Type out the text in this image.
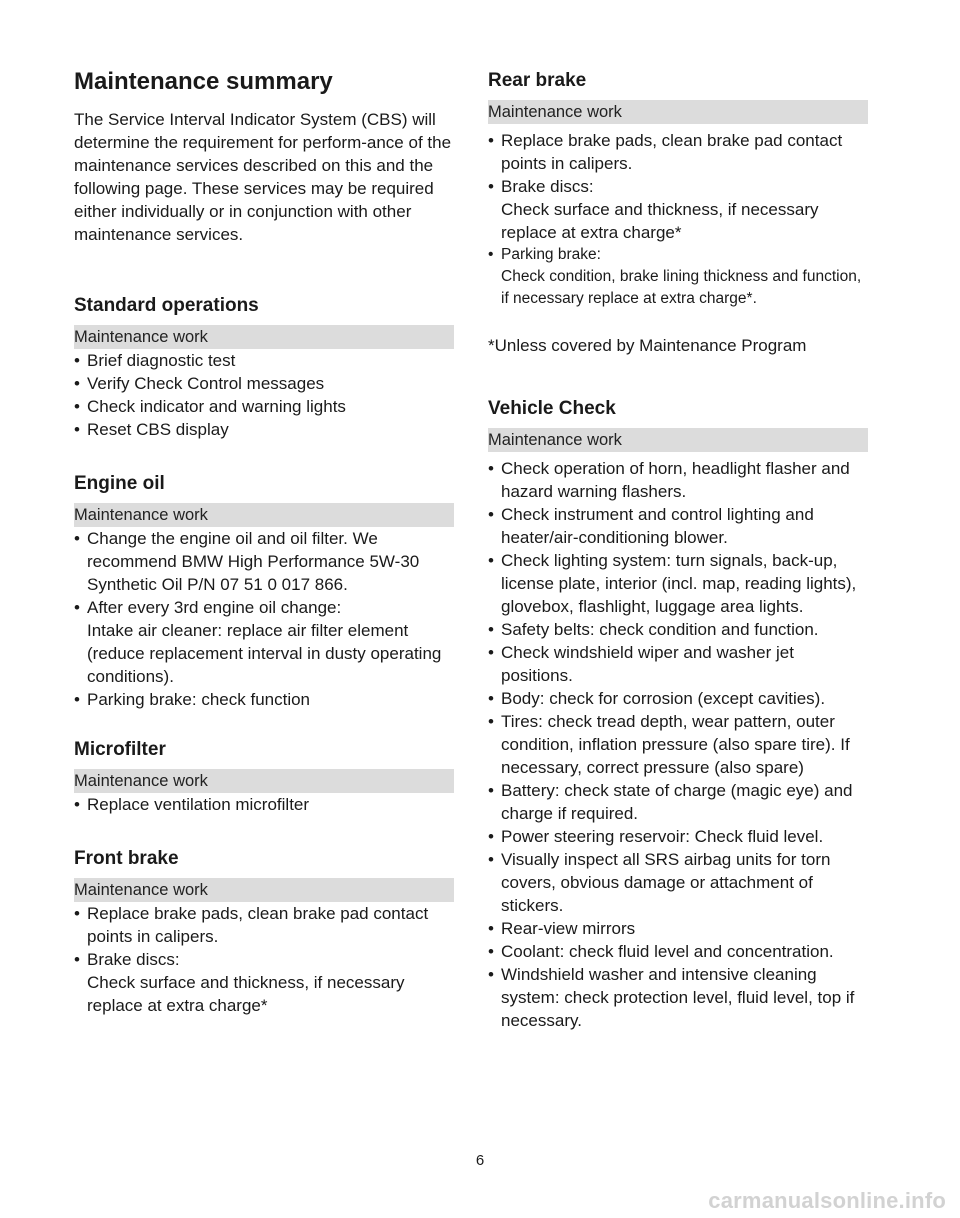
Maintenance summary

The Service Interval Indicator System (CBS) will determine the requirement for perform-ance of the maintenance services described on this and the following page. These services may be required either individually or in conjunction with other maintenance services.

Standard operations
Maintenance work
• Brief diagnostic test
• Verify Check Control messages
• Check indicator and warning lights
• Reset CBS display
Engine oil
Maintenance work
• Change the engine oil and oil filter. We recommend BMW High Performance 5W-30 Synthetic Oil P/N 07 51 0 017 866.
• After every 3rd engine oil change:
Intake air cleaner: replace air filter element (reduce replacement interval in dusty operating conditions).
• Parking brake: check function
Microfilter
Maintenance work
• Replace ventilation microfilter
Front brake
Maintenance work
• Replace brake pads, clean brake pad contact points in calipers.
• Brake discs:
Check surface and thickness, if necessary replace at extra charge*
Rear brake
Maintenance work
• Replace brake pads, clean brake pad contact points in calipers.
• Brake discs:
Check surface and thickness, if necessary replace at extra charge*
• Parking brake:
Check condition, brake lining thickness and function, if necessary replace at extra charge*.

*Unless covered by Maintenance Program

Vehicle Check
Maintenance work
• Check operation of horn, headlight flasher and hazard warning flashers.
• Check instrument and control lighting and heater/air-conditioning blower.
• Check lighting system: turn signals, back-up, license plate, interior (incl. map, reading lights), glovebox, flashlight, luggage area lights.
• Safety belts: check condition and function.
• Check windshield wiper and washer jet positions.
• Body: check for corrosion (except cavities).
• Tires: check tread depth, wear pattern, outer condition, inflation pressure (also spare tire). If necessary, correct pressure (also spare)
• Battery: check state of charge (magic eye) and charge if required.
• Power steering reservoir: Check fluid level.
• Visually inspect all SRS airbag units for torn covers, obvious damage or attachment of stickers.
• Rear-view mirrors
• Coolant: check fluid level and concentration.
• Windshield washer and intensive cleaning system: check protection level, fluid level, top if necessary.
6
carmanualsonline.info
